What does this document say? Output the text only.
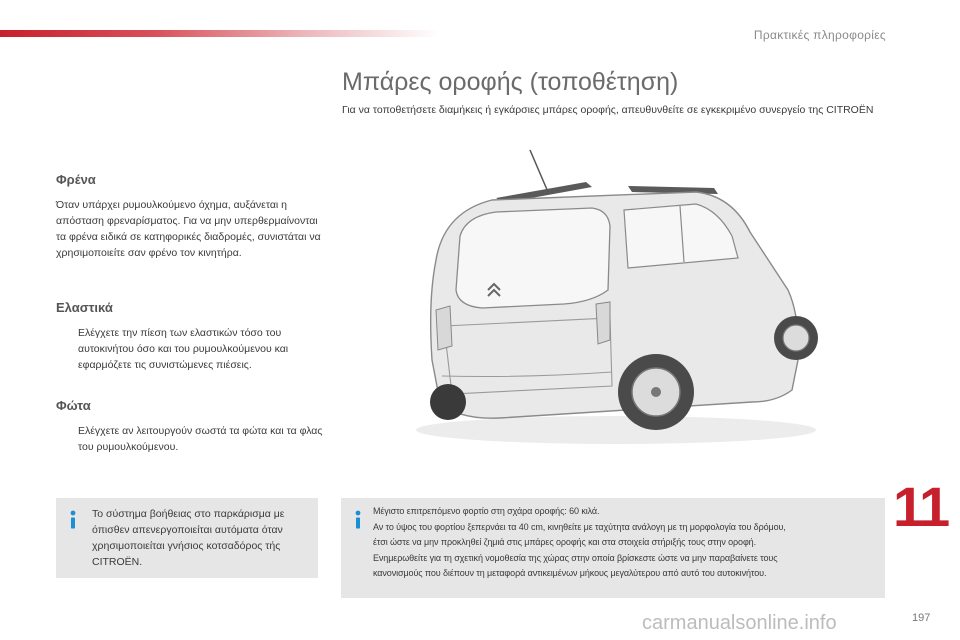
Πρακτικές πληροφορίες
Μπάρες οροφής (τοποθέτηση)

Για να τοποθετήσετε διαμήκεις ή εγκάρσιες μπάρες οροφής, απευθυνθείτε σε εγκεκριμένο συνεργείο της CITROËN

Φρένα

Όταν υπάρχει ρυμουλκούμενο όχημα, αυξάνεται η απόσταση φρεναρίσματος. Για να μην υπερθερμαίνονται τα φρένα ειδικά σε κατηφορικές διαδρομές, συνιστάται να χρησιμοποιείτε σαν φρένο τον κινητήρα.

Ελαστικά
Ελέγχετε την πίεση των ελαστικών τόσο του αυτοκινήτου όσο και του ρυμουλκούμενου και εφαρμόζετε τις συνιστώμενες πιέσεις.
Φώτα
Ελέγχετε αν λειτουργούν σωστά τα φώτα και τα φλας του ρυμουλκούμενου.
11

Το σύστημα βοήθειας στο παρκάρισμα με όπισθεν απενεργοποιείται αυτόματα όταν χρησιμοποιείται γνήσιος κοτσαδόρος τής CITROËN.

Μέγιστο επιτρεπόμενο φορτίο στη σχάρα οροφής: 60 κιλά.
Αν το ύψος του φορτίου ξεπερνάει τα 40 cm, κινηθείτε με ταχύτητα ανάλογη με τη μορφολογία του δρόμου,
έτσι ώστε να μην προκληθεί ζημιά στις μπάρες οροφής και στα στοιχεία στήριξής τους στην οροφή.
Ενημερωθείτε για τη σχετική νομοθεσία της χώρας στην οποία βρίσκεστε ώστε να μην παραβαίνετε τους
κανονισμούς που διέπουν τη μεταφορά αντικειμένων μήκους μεγαλύτερου από αυτό του αυτοκινήτου.
carmanualsonline.info	197
